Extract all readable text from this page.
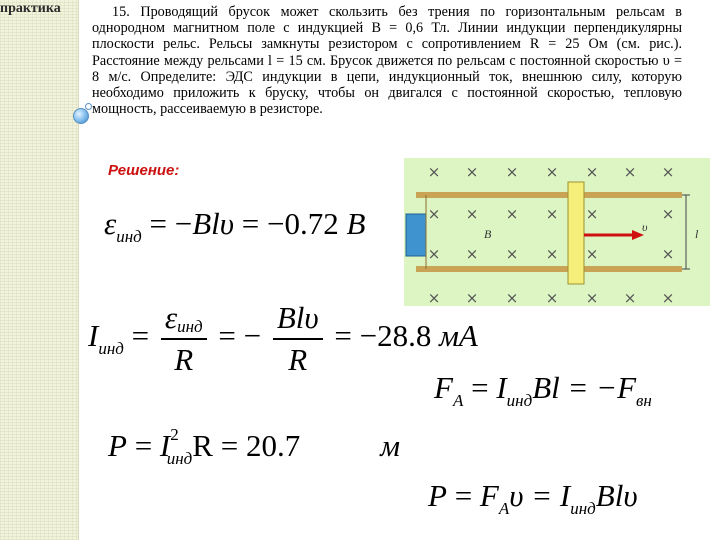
практика	15. Проводящий брусок может скользить без трения по горизонтальным рельсам в однородном магнитном поле с индукцией B = 0,6 Тл. Линии индукции перпендикулярны плоскости рельс. Рельсы замкнуты резистором с сопротивлением R = 25 Ом (см. рис.). Расстояние между рельсами l = 15 см. Брусок движется по рельсам с постоянной скоростью υ = 8 м/с. Определите: ЭДС индукции в цепи, индукционный ток, внешнюю силу, которую необходимо приложить к бруску, чтобы он двигался с постоянной скоростью, тепловую мощность, рассеиваемую в резисторе.

Решение:
$\varepsilon_{инд} = -Bl\upsilon = -0.72$ В
$I_{инд} = \frac{\text{εинд}}{R}$ = − $\frac{\text{Blυ}}{R} = -28.8$ мА
$F_A = I_{инд}Bl = -F_{вн}$
$P = I^2_{инд}R = 20.7$	м
$P = F_A\upsilon = I_{инд}Bl\upsilon$
× × × × × × ×
× × × × ×	×
× × × × ×	×
× × × × × × ×
υ⃗
B⃗	l
